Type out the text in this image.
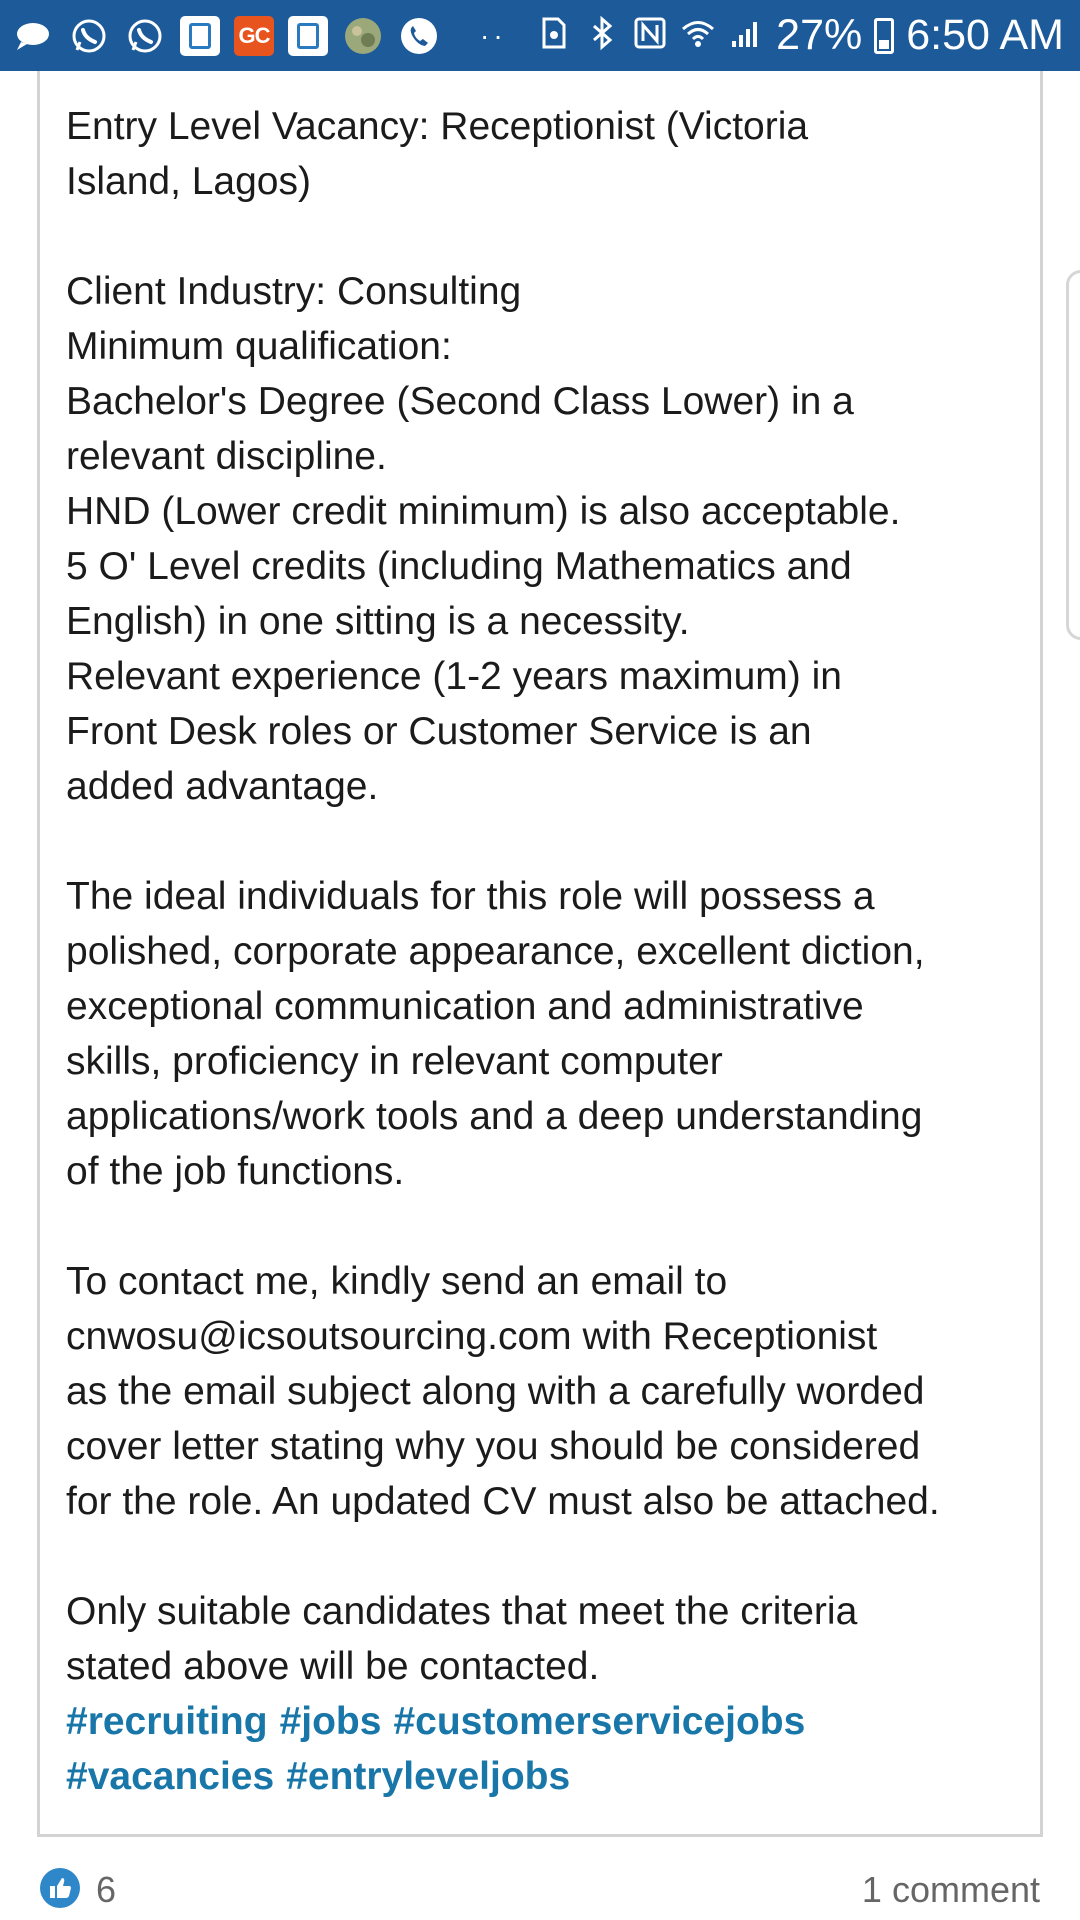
GC	··	27% 6:50 AM
Entry Level Vacancy: Receptionist (Victoria
Island, Lagos)
Client Industry: Consulting
Minimum qualification:
Bachelor's Degree (Second Class Lower) in a
relevant discipline.
HND (Lower credit minimum) is also acceptable.
5 O' Level credits (including Mathematics and
English) in one sitting is a necessity.
Relevant experience (1-2 years maximum) in
Front Desk roles or Customer Service is an
added advantage.
The ideal individuals for this role will possess a
polished, corporate appearance, excellent diction,
exceptional communication and administrative
skills, proficiency in relevant computer
applications/work tools and a deep understanding
of the job functions.
To contact me, kindly send an email to
cnwosu@icsoutsourcing.com with Receptionist
as the email subject along with a carefully worded
cover letter stating why you should be considered
for the role. An updated CV must also be attached.
Only suitable candidates that meet the criteria
stated above will be contacted.
#recruiting #jobs #customerservicejobs
#vacancies #entryleveljobs
6	1 comment
